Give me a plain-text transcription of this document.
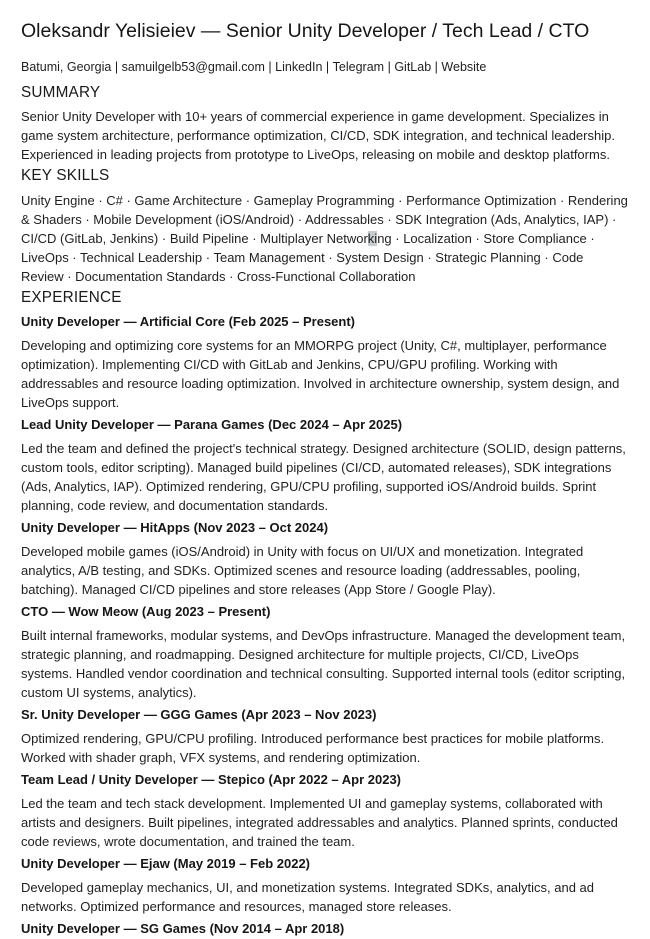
Oleksandr Yelisieiev — Senior Unity Developer / Tech Lead / CTO

Batumi, Georgia | samuilgelb53@gmail.com | LinkedIn | Telegram | GitLab | Website

SUMMARY

Senior Unity Developer with 10+ years of commercial experience in game development. Specializes in game system architecture, performance optimization, CI/CD, SDK integration, and technical leadership. Experienced in leading projects from prototype to LiveOps, releasing on mobile and desktop platforms.

KEY SKILLS

Unity Engine · C# · Game Architecture · Gameplay Programming · Performance Optimization · Rendering & Shaders · Mobile Development (iOS/Android) · Addressables · SDK Integration (Ads, Analytics, IAP) · CI/CD (GitLab, Jenkins) · Build Pipeline · Multiplayer Networking · Localization · Store Compliance · LiveOps · Technical Leadership · Team Management · System Design · Strategic Planning · Code Review · Documentation Standards · Cross-Functional Collaboration

EXPERIENCE
Unity Developer — Artificial Core (Feb 2025 – Present)

Developing and optimizing core systems for an MMORPG project (Unity, C#, multiplayer, performance optimization). Implementing CI/CD with GitLab and Jenkins, CPU/GPU profiling. Working with addressables and resource loading optimization. Involved in architecture ownership, system design, and LiveOps support.

Lead Unity Developer — Parana Games (Dec 2024 – Apr 2025)

Led the team and defined the project's technical strategy. Designed architecture (SOLID, design patterns, custom tools, editor scripting). Managed build pipelines (CI/CD, automated releases), SDK integrations (Ads, Analytics, IAP). Optimized rendering, GPU/CPU profiling, supported iOS/Android builds. Sprint planning, code review, and documentation standards.

Unity Developer — HitApps (Nov 2023 – Oct 2024)

Developed mobile games (iOS/Android) in Unity with focus on UI/UX and monetization. Integrated analytics, A/B testing, and SDKs. Optimized scenes and resource loading (addressables, pooling, batching). Managed CI/CD pipelines and store releases (App Store / Google Play).

CTO — Wow Meow (Aug 2023 – Present)

Built internal frameworks, modular systems, and DevOps infrastructure. Managed the development team, strategic planning, and roadmapping. Designed architecture for multiple projects, CI/CD, LiveOps systems. Handled vendor coordination and technical consulting. Supported internal tools (editor scripting, custom UI systems, analytics).

Sr. Unity Developer — GGG Games (Apr 2023 – Nov 2023)

Optimized rendering, GPU/CPU profiling. Introduced performance best practices for mobile platforms. Worked with shader graph, VFX systems, and rendering optimization.

Team Lead / Unity Developer — Stepico (Apr 2022 – Apr 2023)

Led the team and tech stack development. Implemented UI and gameplay systems, collaborated with artists and designers. Built pipelines, integrated addressables and analytics. Planned sprints, conducted code reviews, wrote documentation, and trained the team.

Unity Developer — Ejaw (May 2019 – Feb 2022)

Developed gameplay mechanics, UI, and monetization systems. Integrated SDKs, analytics, and ad networks. Optimized performance and resources, managed store releases.

Unity Developer — SG Games (Nov 2014 – Apr 2018)
